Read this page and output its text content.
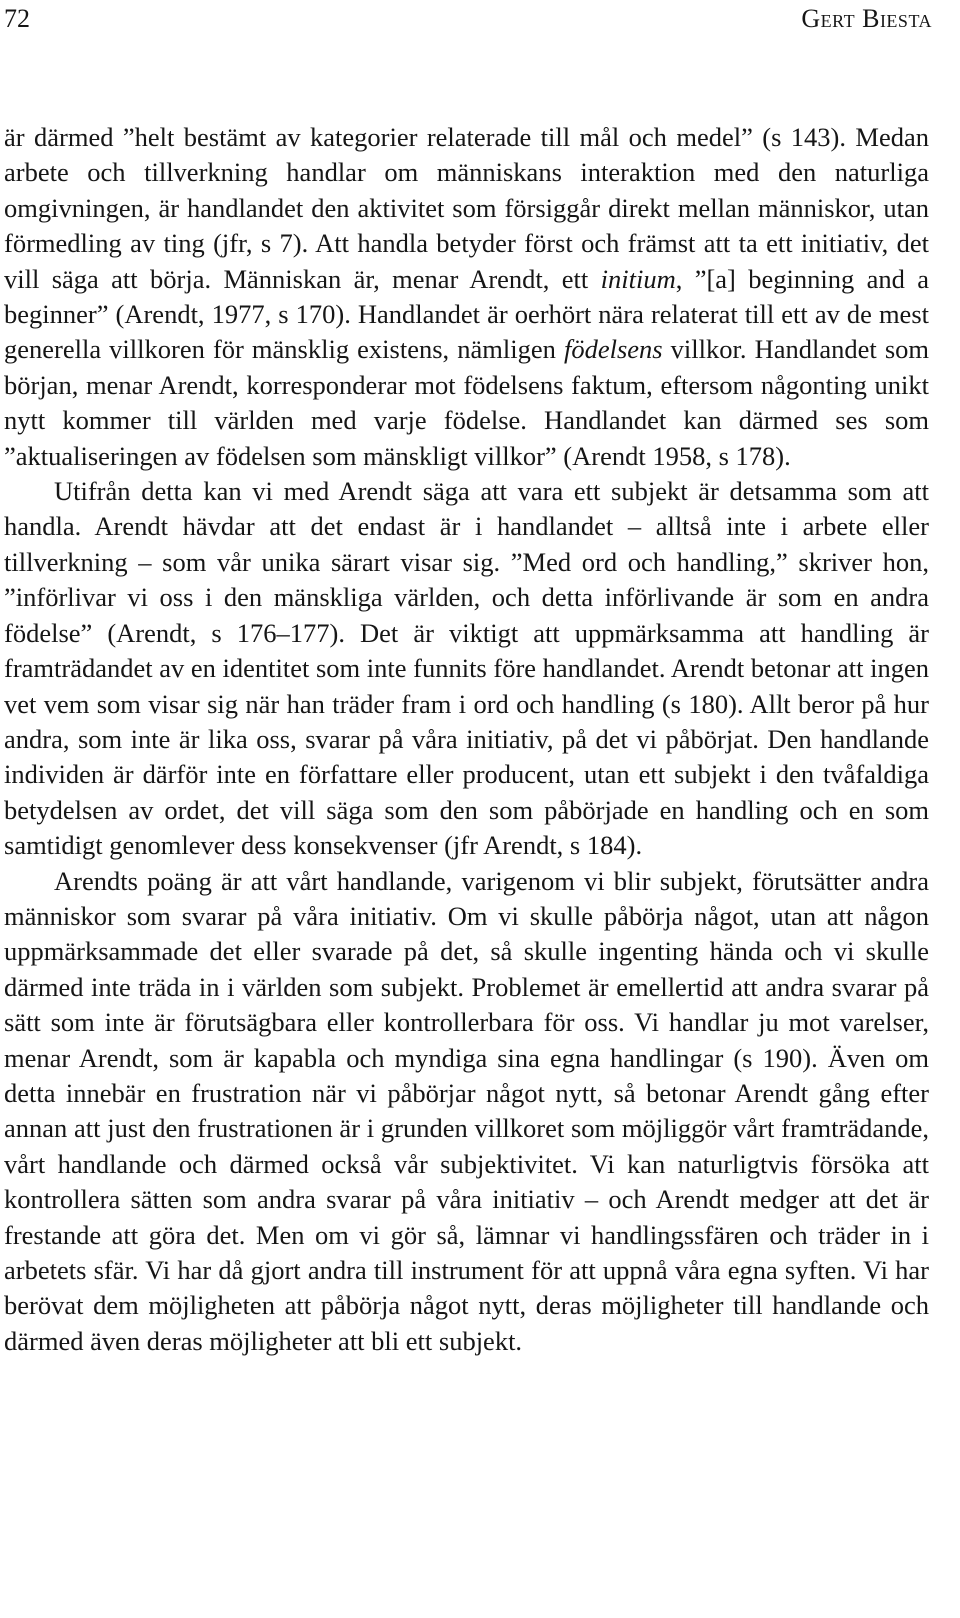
72	Gert Biesta

är därmed ”helt bestämt av kategorier relaterade till mål och medel” (s 143). Medan arbete och tillverkning handlar om människans interaktion med den naturliga omgivningen, är handlandet den aktivitet som försiggår direkt mellan människor, utan förmedling av ting (jfr, s 7). Att handla betyder först och främst att ta ett initiativ, det vill säga att börja. Människan är, menar Arendt, ett initium, ”[a] beginning and a beginner” (Arendt, 1977, s 170). Handlandet är oerhört nära relaterat till ett av de mest generella villkoren för mänsklig existens, nämligen födelsens villkor. Handlandet som början, menar Arendt, korresponderar mot födelsens faktum, eftersom någonting unikt nytt kommer till världen med varje födelse. Handlandet kan därmed ses som ”aktualiseringen av födelsen som mänskligt villkor” (Arendt 1958, s 178).

Utifrån detta kan vi med Arendt säga att vara ett subjekt är detsamma som att handla. Arendt hävdar att det endast är i handlandet – alltså inte i arbete eller tillverkning – som vår unika särart visar sig. ”Med ord och handling,” skriver hon, ”införlivar vi oss i den mänskliga världen, och detta införlivande är som en andra födelse” (Arendt, s 176–177). Det är viktigt att uppmärksamma att handling är framträdandet av en identitet som inte funnits före handlandet. Arendt betonar att ingen vet vem som visar sig när han träder fram i ord och handling (s 180). Allt beror på hur andra, som inte är lika oss, svarar på våra initiativ, på det vi påbörjat. Den handlande individen är därför inte en författare eller producent, utan ett subjekt i den tvåfaldiga betydelsen av ordet, det vill säga som den som påbörjade en handling och en som samtidigt genomlever dess konsekvenser (jfr Arendt, s 184).

Arendts poäng är att vårt handlande, varigenom vi blir subjekt, förutsätter andra människor som svarar på våra initiativ. Om vi skulle påbörja något, utan att någon uppmärksammade det eller svarade på det, så skulle ingenting hända och vi skulle därmed inte träda in i världen som subjekt. Problemet är emellertid att andra svarar på sätt som inte är förutsägbara eller kontrollerbara för oss. Vi handlar ju mot varelser, menar Arendt, som är kapabla och myndiga sina egna handlingar (s 190). Även om detta innebär en frustration när vi påbörjar något nytt, så betonar Arendt gång efter annan att just den frustrationen är i grunden villkoret som möjliggör vårt framträdande, vårt handlande och därmed också vår subjektivitet. Vi kan naturligtvis försöka att kontrollera sätten som andra svarar på våra initiativ – och Arendt medger att det är frestande att göra det. Men om vi gör så, lämnar vi handlingssfären och träder in i arbetets sfär. Vi har då gjort andra till instrument för att uppnå våra egna syften. Vi har berövat dem möjligheten att påbörja något nytt, deras möjligheter till handlande och därmed även deras möjligheter att bli ett subjekt.
